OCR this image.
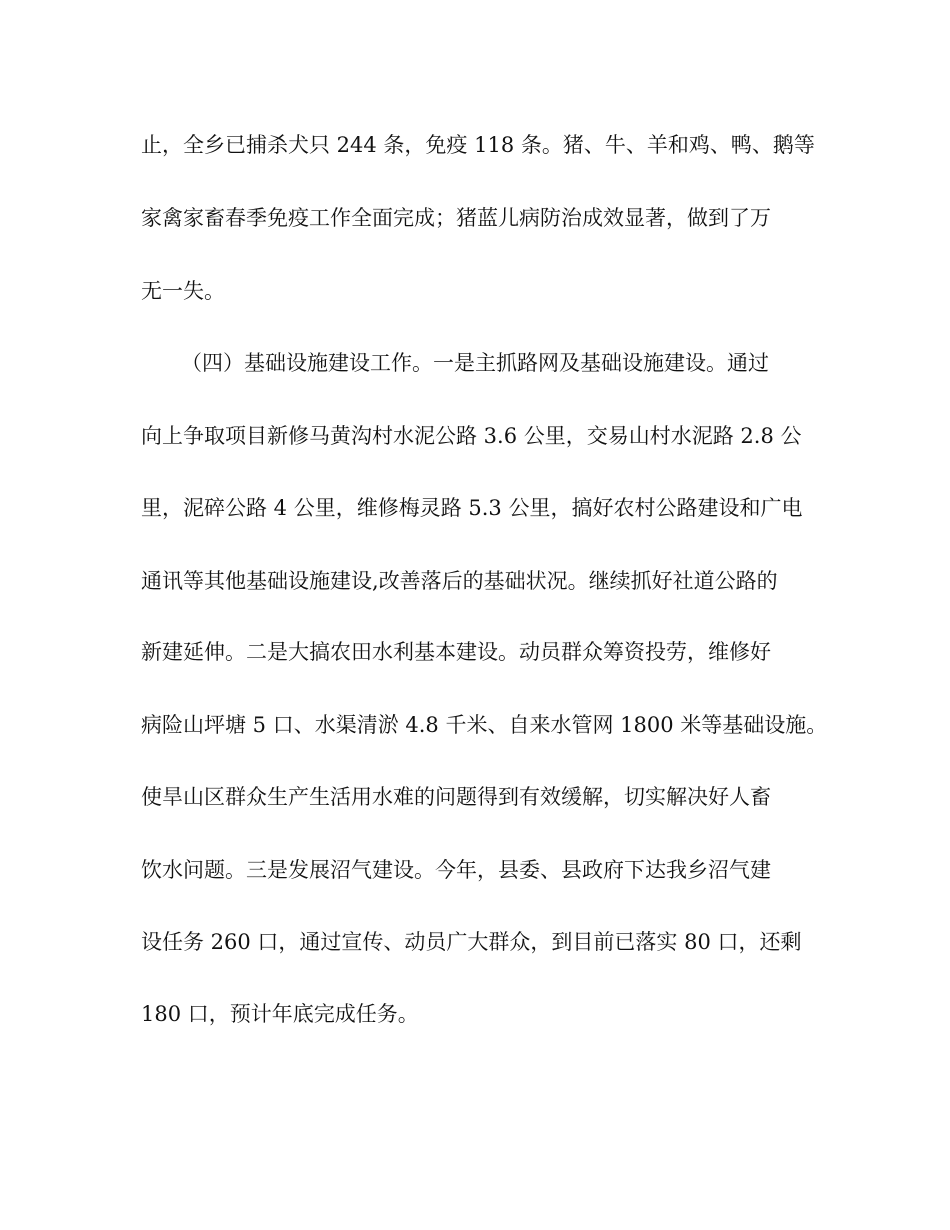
止，全乡已捕杀犬只 244 条，免疫 118 条。猪、牛、羊和鸡、鸭、鹅等
家禽家畜春季免疫工作全面完成；猪蓝儿病防治成效显著，做到了万
无一失。
（四）基础设施建设工作。一是主抓路网及基础设施建设。通过
向上争取项目新修马黄沟村水泥公路 3.6 公里，交易山村水泥路 2.8 公
里，泥碎公路 4 公里，维修梅灵路 5.3 公里，搞好农村公路建设和广电
通讯等其他基础设施建设,改善落后的基础状况。继续抓好社道公路的
新建延伸。二是大搞农田水利基本建设。动员群众筹资投劳，维修好
病险山坪塘 5 口、水渠清淤 4.8 千米、自来水管网 1800 米等基础设施。
使旱山区群众生产生活用水难的问题得到有效缓解，切实解决好人畜
饮水问题。三是发展沼气建设。今年，县委、县政府下达我乡沼气建
设任务 260 口，通过宣传、动员广大群众，到目前已落实 80 口，还剩
180 口，预计年底完成任务。
